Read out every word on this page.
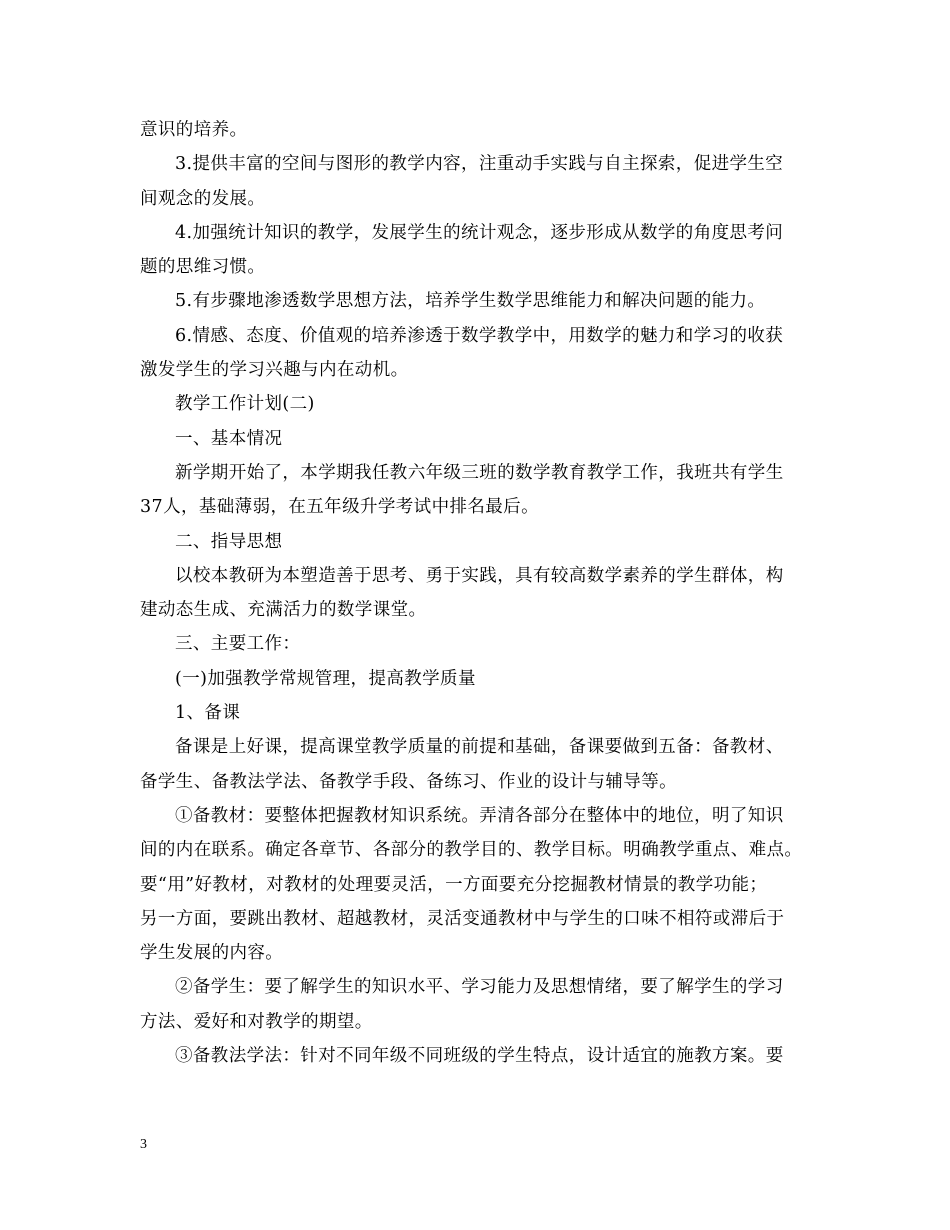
意识的培养。
3.提供丰富的空间与图形的教学内容，注重动手实践与自主探索，促进学生空
间观念的发展。
4.加强统计知识的教学，发展学生的统计观念，逐步形成从数学的角度思考问
题的思维习惯。
5.有步骤地渗透数学思想方法，培养学生数学思维能力和解决问题的能力。
6.情感、态度、价值观的培养渗透于数学教学中，用数学的魅力和学习的收获
激发学生的学习兴趣与内在动机。
教学工作计划(二)
一、基本情况
新学期开始了，本学期我任教六年级三班的数学教育教学工作，我班共有学生
37人，基础薄弱，在五年级升学考试中排名最后。
二、指导思想
以校本教研为本塑造善于思考、勇于实践，具有较高数学素养的学生群体，构
建动态生成、充满活力的数学课堂。
三、主要工作：
(一)加强教学常规管理，提高教学质量
1、备课
备课是上好课，提高课堂教学质量的前提和基础，备课要做到五备：备教材、
备学生、备教法学法、备教学手段、备练习、作业的设计与辅导等。
①备教材：要整体把握教材知识系统。弄清各部分在整体中的地位，明了知识
间的内在联系。确定各章节、各部分的教学目的、教学目标。明确教学重点、难点。
要“用”好教材，对教材的处理要灵活，一方面要充分挖掘教材情景的教学功能；
另一方面，要跳出教材、超越教材，灵活变通教材中与学生的口味不相符或滞后于
学生发展的内容。
②备学生：要了解学生的知识水平、学习能力及思想情绪，要了解学生的学习
方法、爱好和对教学的期望。
③备教法学法：针对不同年级不同班级的学生特点，设计适宜的施教方案。要
3
